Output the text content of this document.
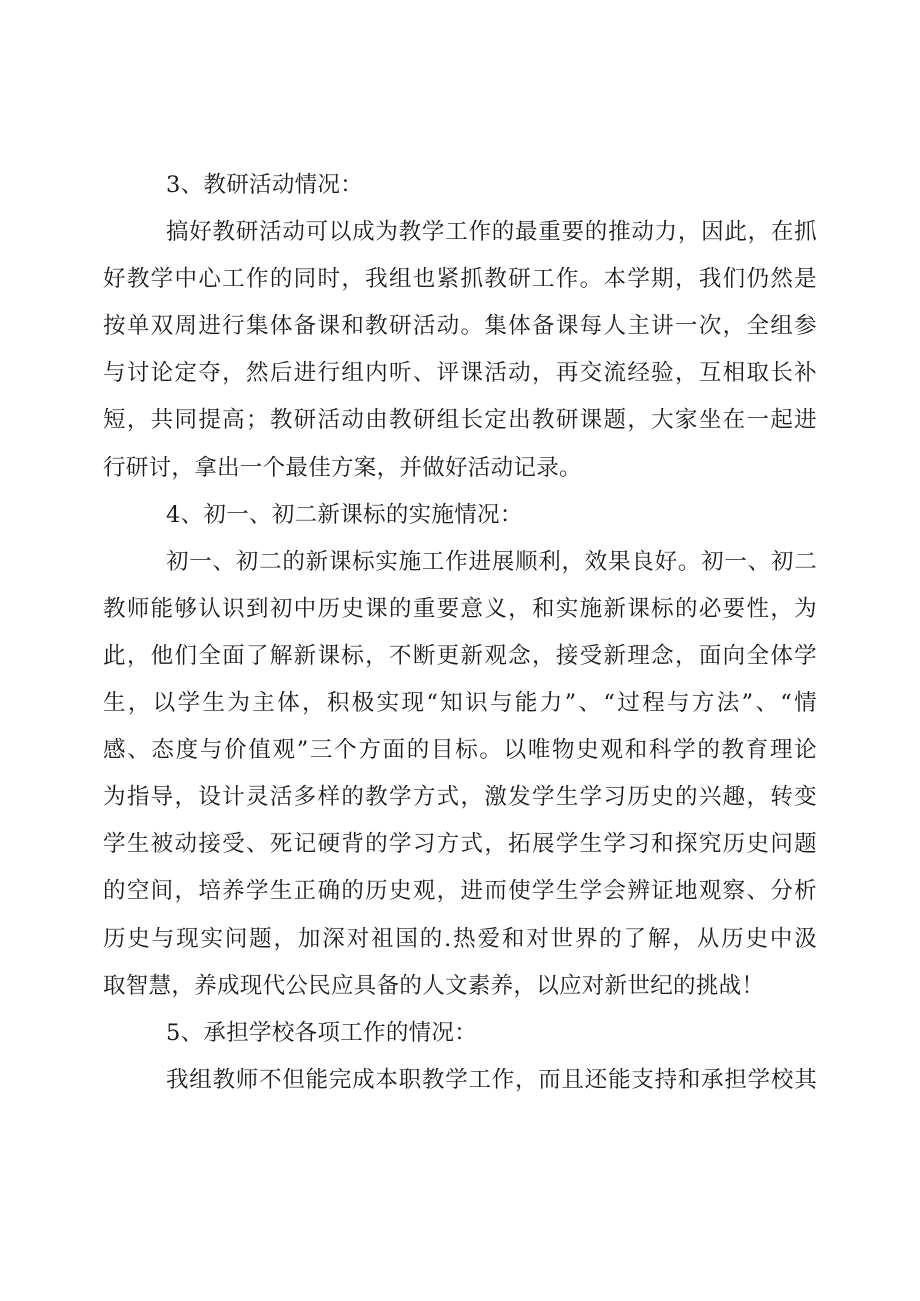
3、教研活动情况：
搞好教研活动可以成为教学工作的最重要的推动力，因此，在抓
好教学中心工作的同时，我组也紧抓教研工作。本学期，我们仍然是
按单双周进行集体备课和教研活动。集体备课每人主讲一次，全组参
与讨论定夺，然后进行组内听、评课活动，再交流经验，互相取长补
短，共同提高；教研活动由教研组长定出教研课题，大家坐在一起进
行研讨，拿出一个最佳方案，并做好活动记录。
4、初一、初二新课标的实施情况：
初一、初二的新课标实施工作进展顺利，效果良好。初一、初二
教师能够认识到初中历史课的重要意义，和实施新课标的必要性，为
此，他们全面了解新课标，不断更新观念，接受新理念，面向全体学
生，以学生为主体，积极实现“知识与能力”、“过程与方法”、“情
感、态度与价值观”三个方面的目标。以唯物史观和科学的教育理论
为指导，设计灵活多样的教学方式，激发学生学习历史的兴趣，转变
学生被动接受、死记硬背的学习方式，拓展学生学习和探究历史问题
的空间，培养学生正确的历史观，进而使学生学会辨证地观察、分析
历史与现实问题，加深对祖国的.热爱和对世界的了解，从历史中汲
取智慧，养成现代公民应具备的人文素养，以应对新世纪的挑战！
5、承担学校各项工作的情况：
我组教师不但能完成本职教学工作，而且还能支持和承担学校其
